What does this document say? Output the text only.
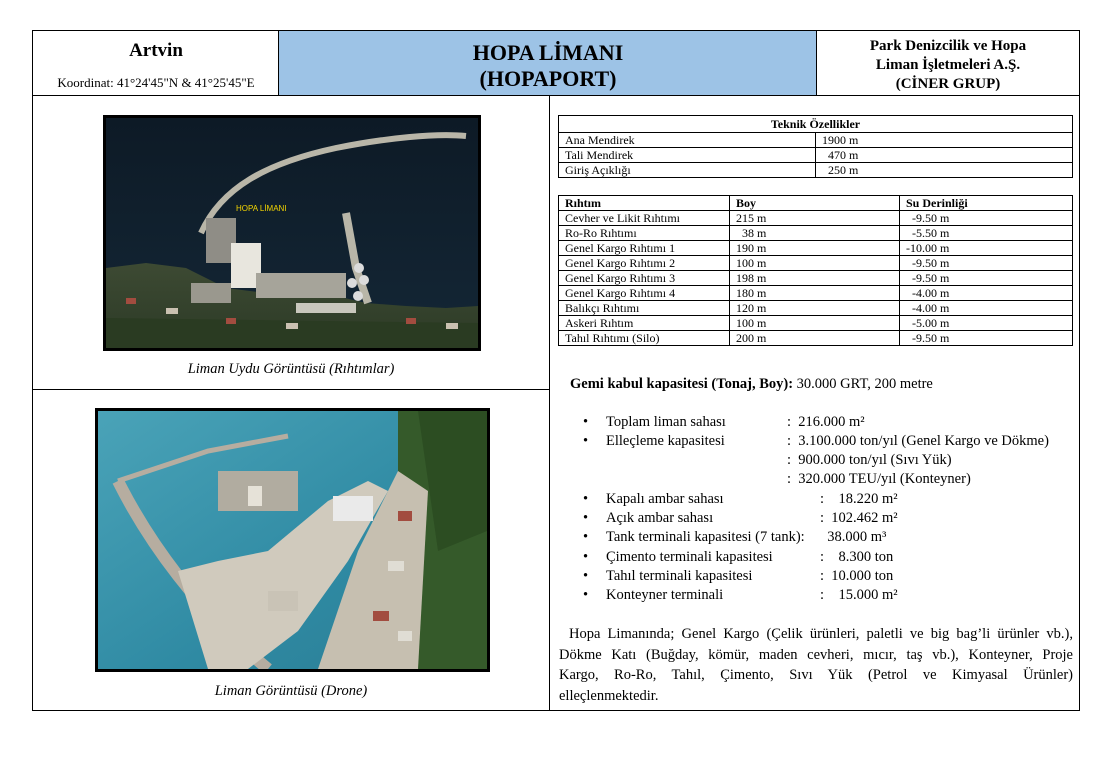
Artvin
Koordinat: 41°24'45"N & 41°25'45"E
HOPA LİMANI
(HOPAPORT)
Park Denizcilik ve Hopa
Liman İşletmeleri A.Ş.
(CİNER GRUP)
HOPA LİMANI
Liman Uydu Görüntüsü (Rıhtımlar)
Liman Görüntüsü (Drone)
Teknik Özellikler	
Ana Mendirek	1900 m
Tali Mendirek	470 m
Giriş Açıklığı	250 m
Rıhtım	Boy	Su Derinliği
Cevher ve Likit Rıhtımı	215 m	-9.50 m
Ro-Ro Rıhtımı	38 m	-5.50 m
Genel Kargo Rıhtımı 1	190 m	-10.00 m
Genel Kargo Rıhtımı 2	100 m	-9.50 m
Genel Kargo Rıhtımı 3	198 m	-9.50 m
Genel Kargo Rıhtımı 4	180 m	-4.00 m
Balıkçı Rıhtımı	120 m	-4.00 m
Askeri Rıhtım	100 m	-5.00 m
Tahıl Rıhtımı (Silo)	200 m	-9.50 m
Gemi kabul kapasitesi (Tonaj, Boy): 30.000 GRT, 200 metre
• Toplam liman sahası	:  216.000 m²
• Elleçleme kapasitesi	:  3.100.000 ton/yıl (Genel Kargo ve Dökme)
:  900.000 ton/yıl (Sıvı Yük)
:  320.000 TEU/yıl (Konteyner)
• Kapalı ambar sahası	:    18.220 m²
• Açık ambar sahası	:  102.462 m²
• Tank terminali kapasitesi (7 tank): 38.000 m³
• Çimento terminali kapasitesi	:    8.300 ton
• Tahıl terminali kapasitesi	:  10.000 ton
• Konteyner terminali	:    15.000 m²
Hopa Limanında; Genel Kargo (Çelik ürünleri, paletli ve big bag’li ürünler vb.),
Dökme Katı (Buğday, kömür, maden cevheri, mıcır, taş vb.), Konteyner, Proje
Kargo, Ro-Ro, Tahıl, Çimento, Sıvı Yük (Petrol ve Kimyasal Ürünler)
elleçlenmektedir.
